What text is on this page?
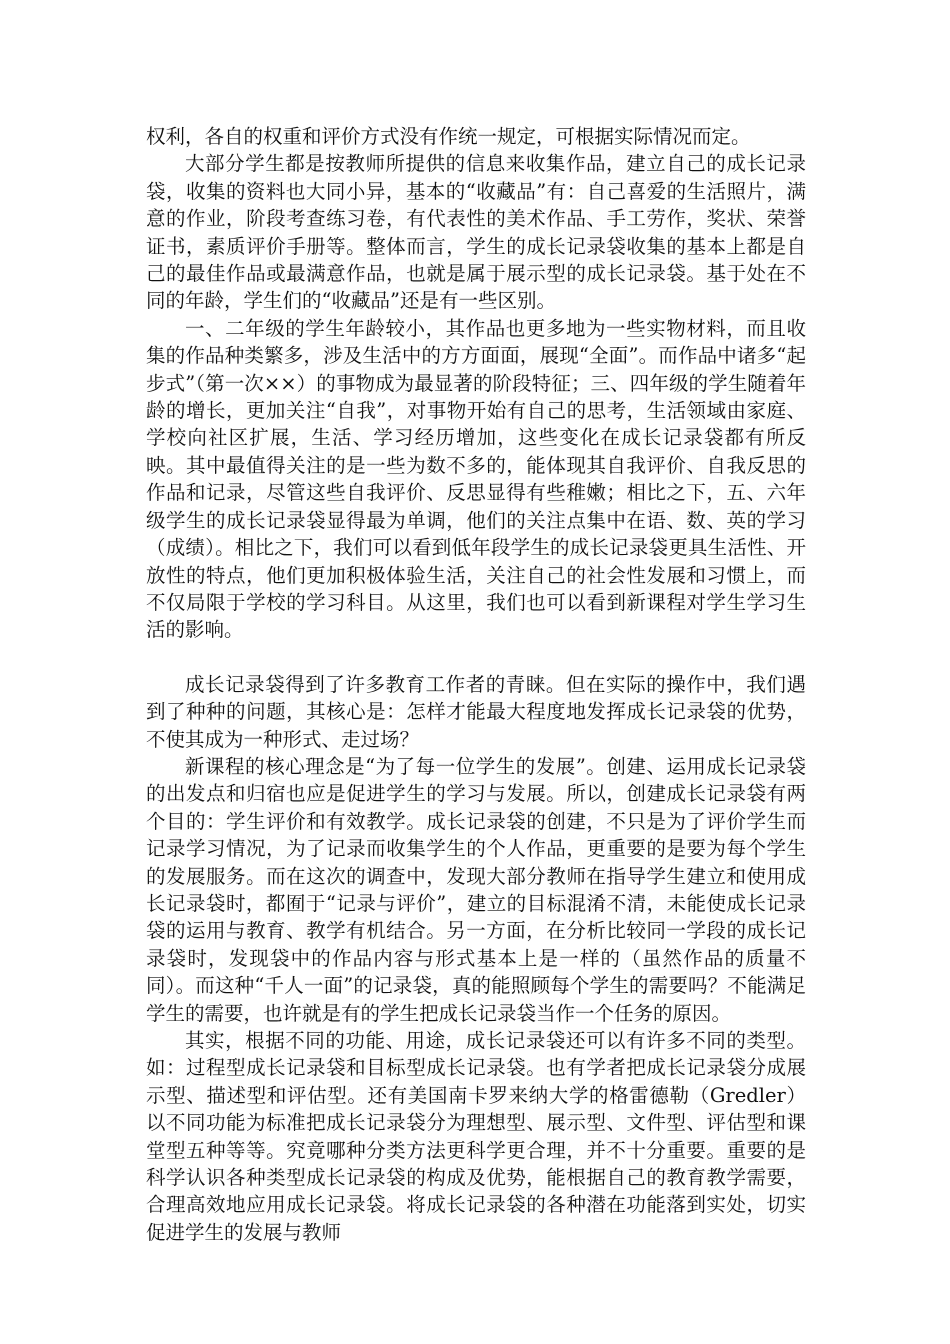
权利，各自的权重和评价方式没有作统一规定，可根据实际情况而定。

大部分学生都是按教师所提供的信息来收集作品，建立自己的成长记录袋，收集的资料也大同小异，基本的“收藏品”有：自己喜爱的生活照片，满意的作业，阶段考查练习卷，有代表性的美术作品、手工劳作，奖状、荣誉证书，素质评价手册等。整体而言，学生的成长记录袋收集的基本上都是自己的最佳作品或最满意作品，也就是属于展示型的成长记录袋。基于处在不同的年龄，学生们的“收藏品”还是有一些区别。

一、二年级的学生年龄较小，其作品也更多地为一些实物材料，而且收集的作品种类繁多，涉及生活中的方方面面，展现“全面”。而作品中诸多“起步式”（第一次××）的事物成为最显著的阶段特征；三、四年级的学生随着年龄的增长，更加关注“自我”，对事物开始有自己的思考，生活领域由家庭、学校向社区扩展，生活、学习经历增加，这些变化在成长记录袋都有所反映。其中最值得关注的是一些为数不多的，能体现其自我评价、自我反思的作品和记录，尽管这些自我评价、反思显得有些稚嫩；相比之下，五、六年级学生的成长记录袋显得最为单调，他们的关注点集中在语、数、英的学习（成绩）。相比之下，我们可以看到低年段学生的成长记录袋更具生活性、开放性的特点，他们更加积极体验生活，关注自己的社会性发展和习惯上，而不仅局限于学校的学习科目。从这里，我们也可以看到新课程对学生学习生活的影响。

成长记录袋得到了许多教育工作者的青睐。但在实际的操作中，我们遇到了种种的问题，其核心是：怎样才能最大程度地发挥成长记录袋的优势，不使其成为一种形式、走过场？

新课程的核心理念是“为了每一位学生的发展”。创建、运用成长记录袋的出发点和归宿也应是促进学生的学习与发展。所以，创建成长记录袋有两个目的：学生评价和有效教学。成长记录袋的创建，不只是为了评价学生而记录学习情况，为了记录而收集学生的个人作品，更重要的是要为每个学生的发展服务。而在这次的调查中，发现大部分教师在指导学生建立和使用成长记录袋时，都囿于“记录与评价”，建立的目标混淆不清，未能使成长记录袋的运用与教育、教学有机结合。另一方面，在分析比较同一学段的成长记录袋时，发现袋中的作品内容与形式基本上是一样的（虽然作品的质量不同）。而这种“千人一面”的记录袋，真的能照顾每个学生的需要吗？不能满足学生的需要，也许就是有的学生把成长记录袋当作一个任务的原因。

其实，根据不同的功能、用途，成长记录袋还可以有许多不同的类型。如：过程型成长记录袋和目标型成长记录袋。也有学者把成长记录袋分成展示型、描述型和评估型。还有美国南卡罗来纳大学的格雷德勒（Gredler）以不同功能为标准把成长记录袋分为理想型、展示型、文件型、评估型和课堂型五种等等。究竟哪种分类方法更科学更合理，并不十分重要。重要的是科学认识各种类型成长记录袋的构成及优势，能根据自己的教育教学需要，合理高效地应用成长记录袋。将成长记录袋的各种潜在功能落到实处，切实促进学生的发展与教师
